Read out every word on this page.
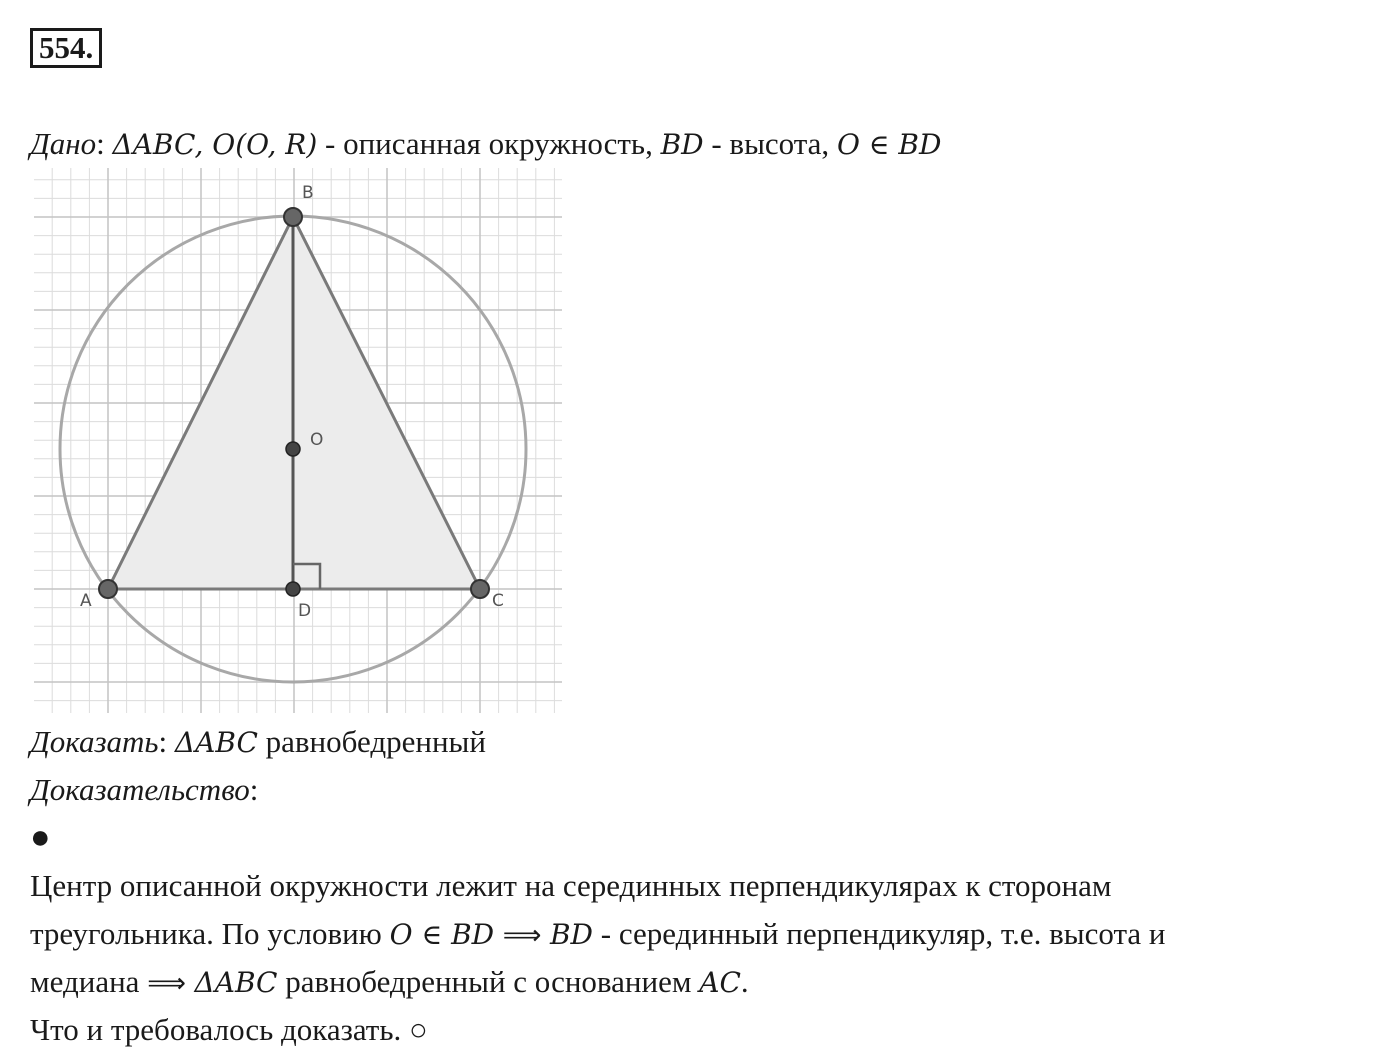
554.
Дано: ΔABC, O(O, R) - описанная окружность, BD - высота, O ∈ BD
B
O
A	D	C
Доказать: ΔABC равнобедренный
Доказательство:
●
Центр описанной окружности лежит на серединных перпендикулярах к сторонам
треугольника. По условию O ∈ BD ⟹ BD - серединный перпендикуляр, т.е. высота и
медиана ⟹ ΔABC равнобедренный с основанием AC.
Что и требовалось доказать. ○
